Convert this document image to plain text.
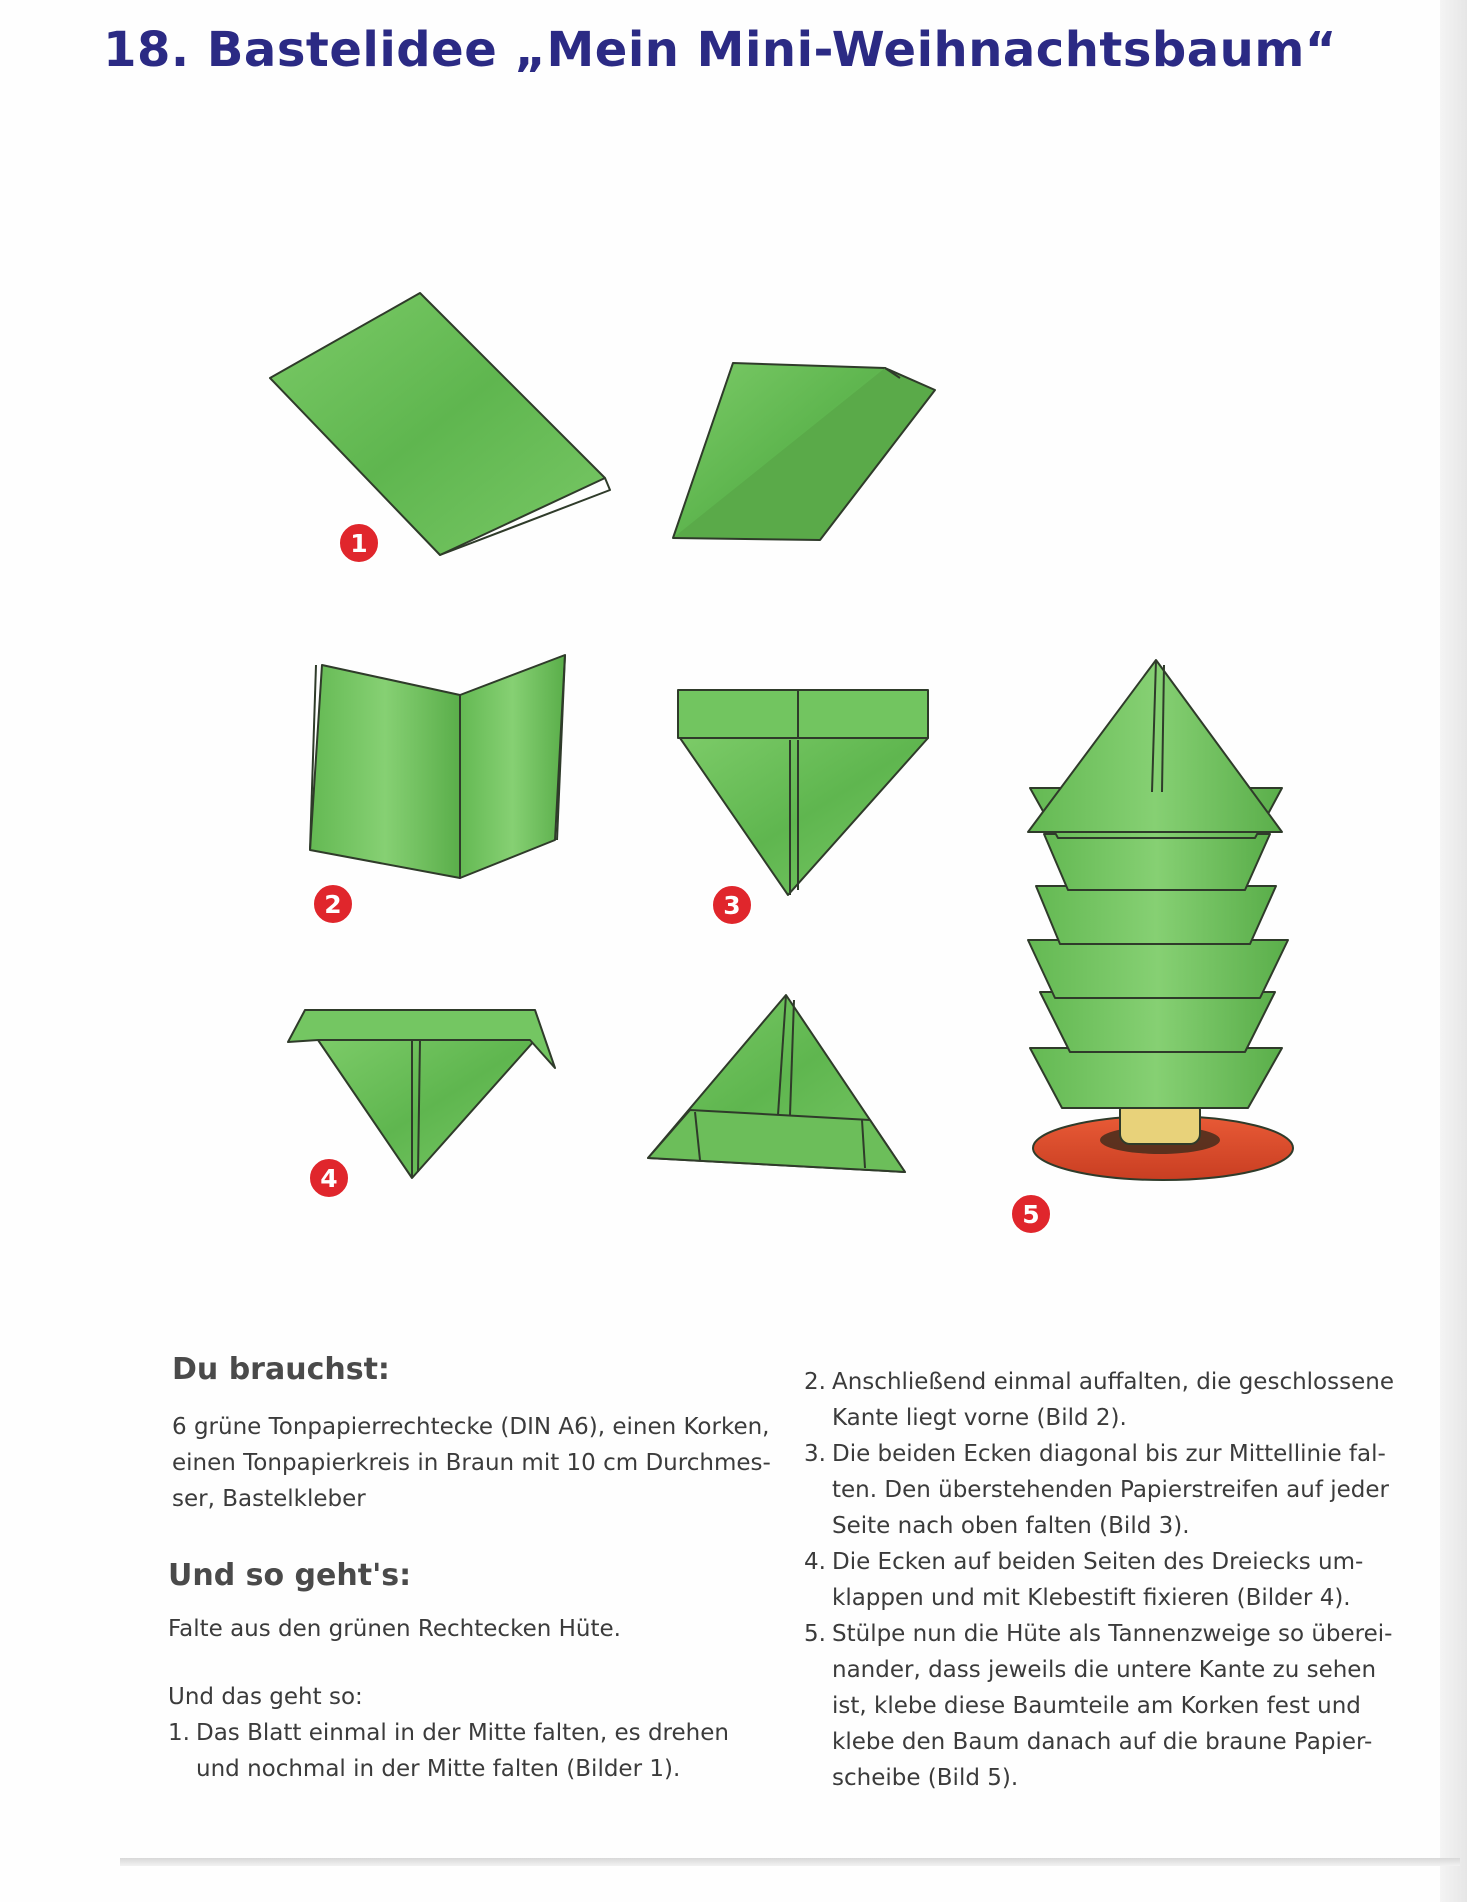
18. Bastelidee „Mein Mini-Weihnachtsbaum“
1
2	3
4
5
Du brauchst:
6 grüne Tonpapierrechtecke (DIN A6), einen Korken,
einen Tonpapierkreis in Braun mit 10 cm Durchmes-
ser, Bastelkleber
Und so geht's:
Falte aus den grünen Rechtecken Hüte.
Und das geht so:
1. Das Blatt einmal in der Mitte falten, es drehen
und nochmal in der Mitte falten (Bilder 1).
2. Anschließend einmal auffalten, die geschlossene
Kante liegt vorne (Bild 2).
3. Die beiden Ecken diagonal bis zur Mittellinie fal-
ten. Den überstehenden Papierstreifen auf jeder
Seite nach oben falten (Bild 3).
4. Die Ecken auf beiden Seiten des Dreiecks um-
klappen und mit Klebestift fixieren (Bilder 4).
5. Stülpe nun die Hüte als Tannenzweige so überei-
nander, dass jeweils die untere Kante zu sehen
ist, klebe diese Baumteile am Korken fest und
klebe den Baum danach auf die braune Papier-
scheibe (Bild 5).
